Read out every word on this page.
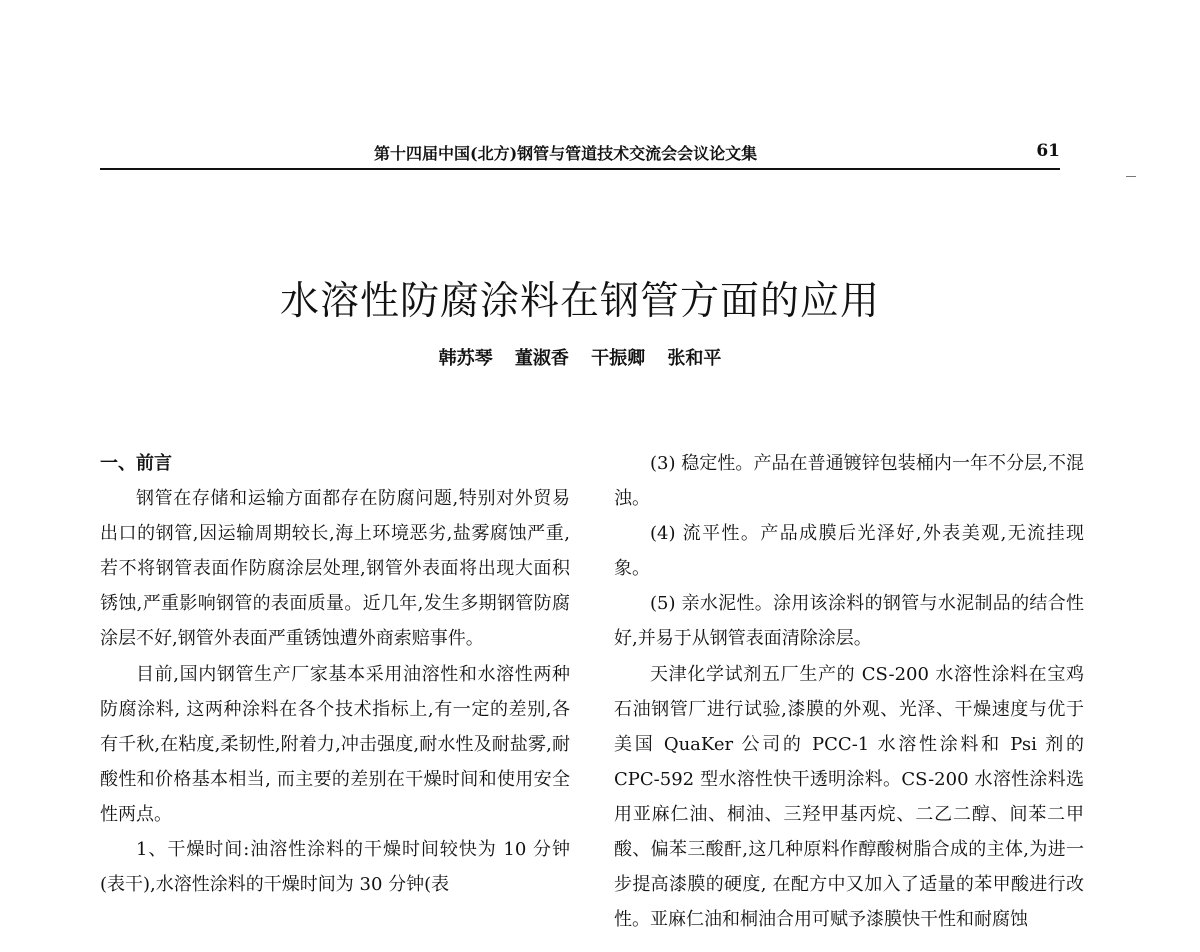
第十四届中国(北方)钢管与管道技术交流会会议论文集	61
水溶性防腐涂料在钢管方面的应用
韩苏琴 董淑香 干振卿 张和平
一、前言

钢管在存储和运输方面都存在防腐问题,特别对外贸易出口的钢管,因运输周期较长,海上环境恶劣,盐雾腐蚀严重,若不将钢管表面作防腐涂层处理,钢管外表面将出现大面积锈蚀,严重影响钢管的表面质量。近几年,发生多期钢管防腐涂层不好,钢管外表面严重锈蚀遭外商索赔事件。

目前,国内钢管生产厂家基本采用油溶性和水溶性两种防腐涂料, 这两种涂料在各个技术指标上,有一定的差别,各有千秋,在粘度,柔韧性,附着力,冲击强度,耐水性及耐盐雾,耐酸性和价格基本相当, 而主要的差别在干燥时间和使用安全性两点。

1、干燥时间:油溶性涂料的干燥时间较快为 10 分钟(表干),水溶性涂料的干燥时间为 30 分钟(表

(3) 稳定性。产品在普通镀锌包装桶内一年不分层,不混浊。

(4) 流平性。产品成膜后光泽好,外表美观,无流挂现象。

(5) 亲水泥性。涂用该涂料的钢管与水泥制品的结合性好,并易于从钢管表面清除涂层。

天津化学试剂五厂生产的 CS-200 水溶性涂料在宝鸡石油钢管厂进行试验,漆膜的外观、光泽、干燥速度与优于美国 QuaKer 公司的 PCC-1 水溶性涂料和 Psi 剂的 CPC-592 型水溶性快干透明涂料。CS-200 水溶性涂料选用亚麻仁油、桐油、三羟甲基丙烷、二乙二醇、间苯二甲酸、偏苯三酸酐,这几种原料作醇酸树脂合成的主体,为进一步提高漆膜的硬度, 在配方中又加入了适量的苯甲酸进行改性。亚麻仁油和桐油合用可赋予漆膜快干性和耐腐蚀
